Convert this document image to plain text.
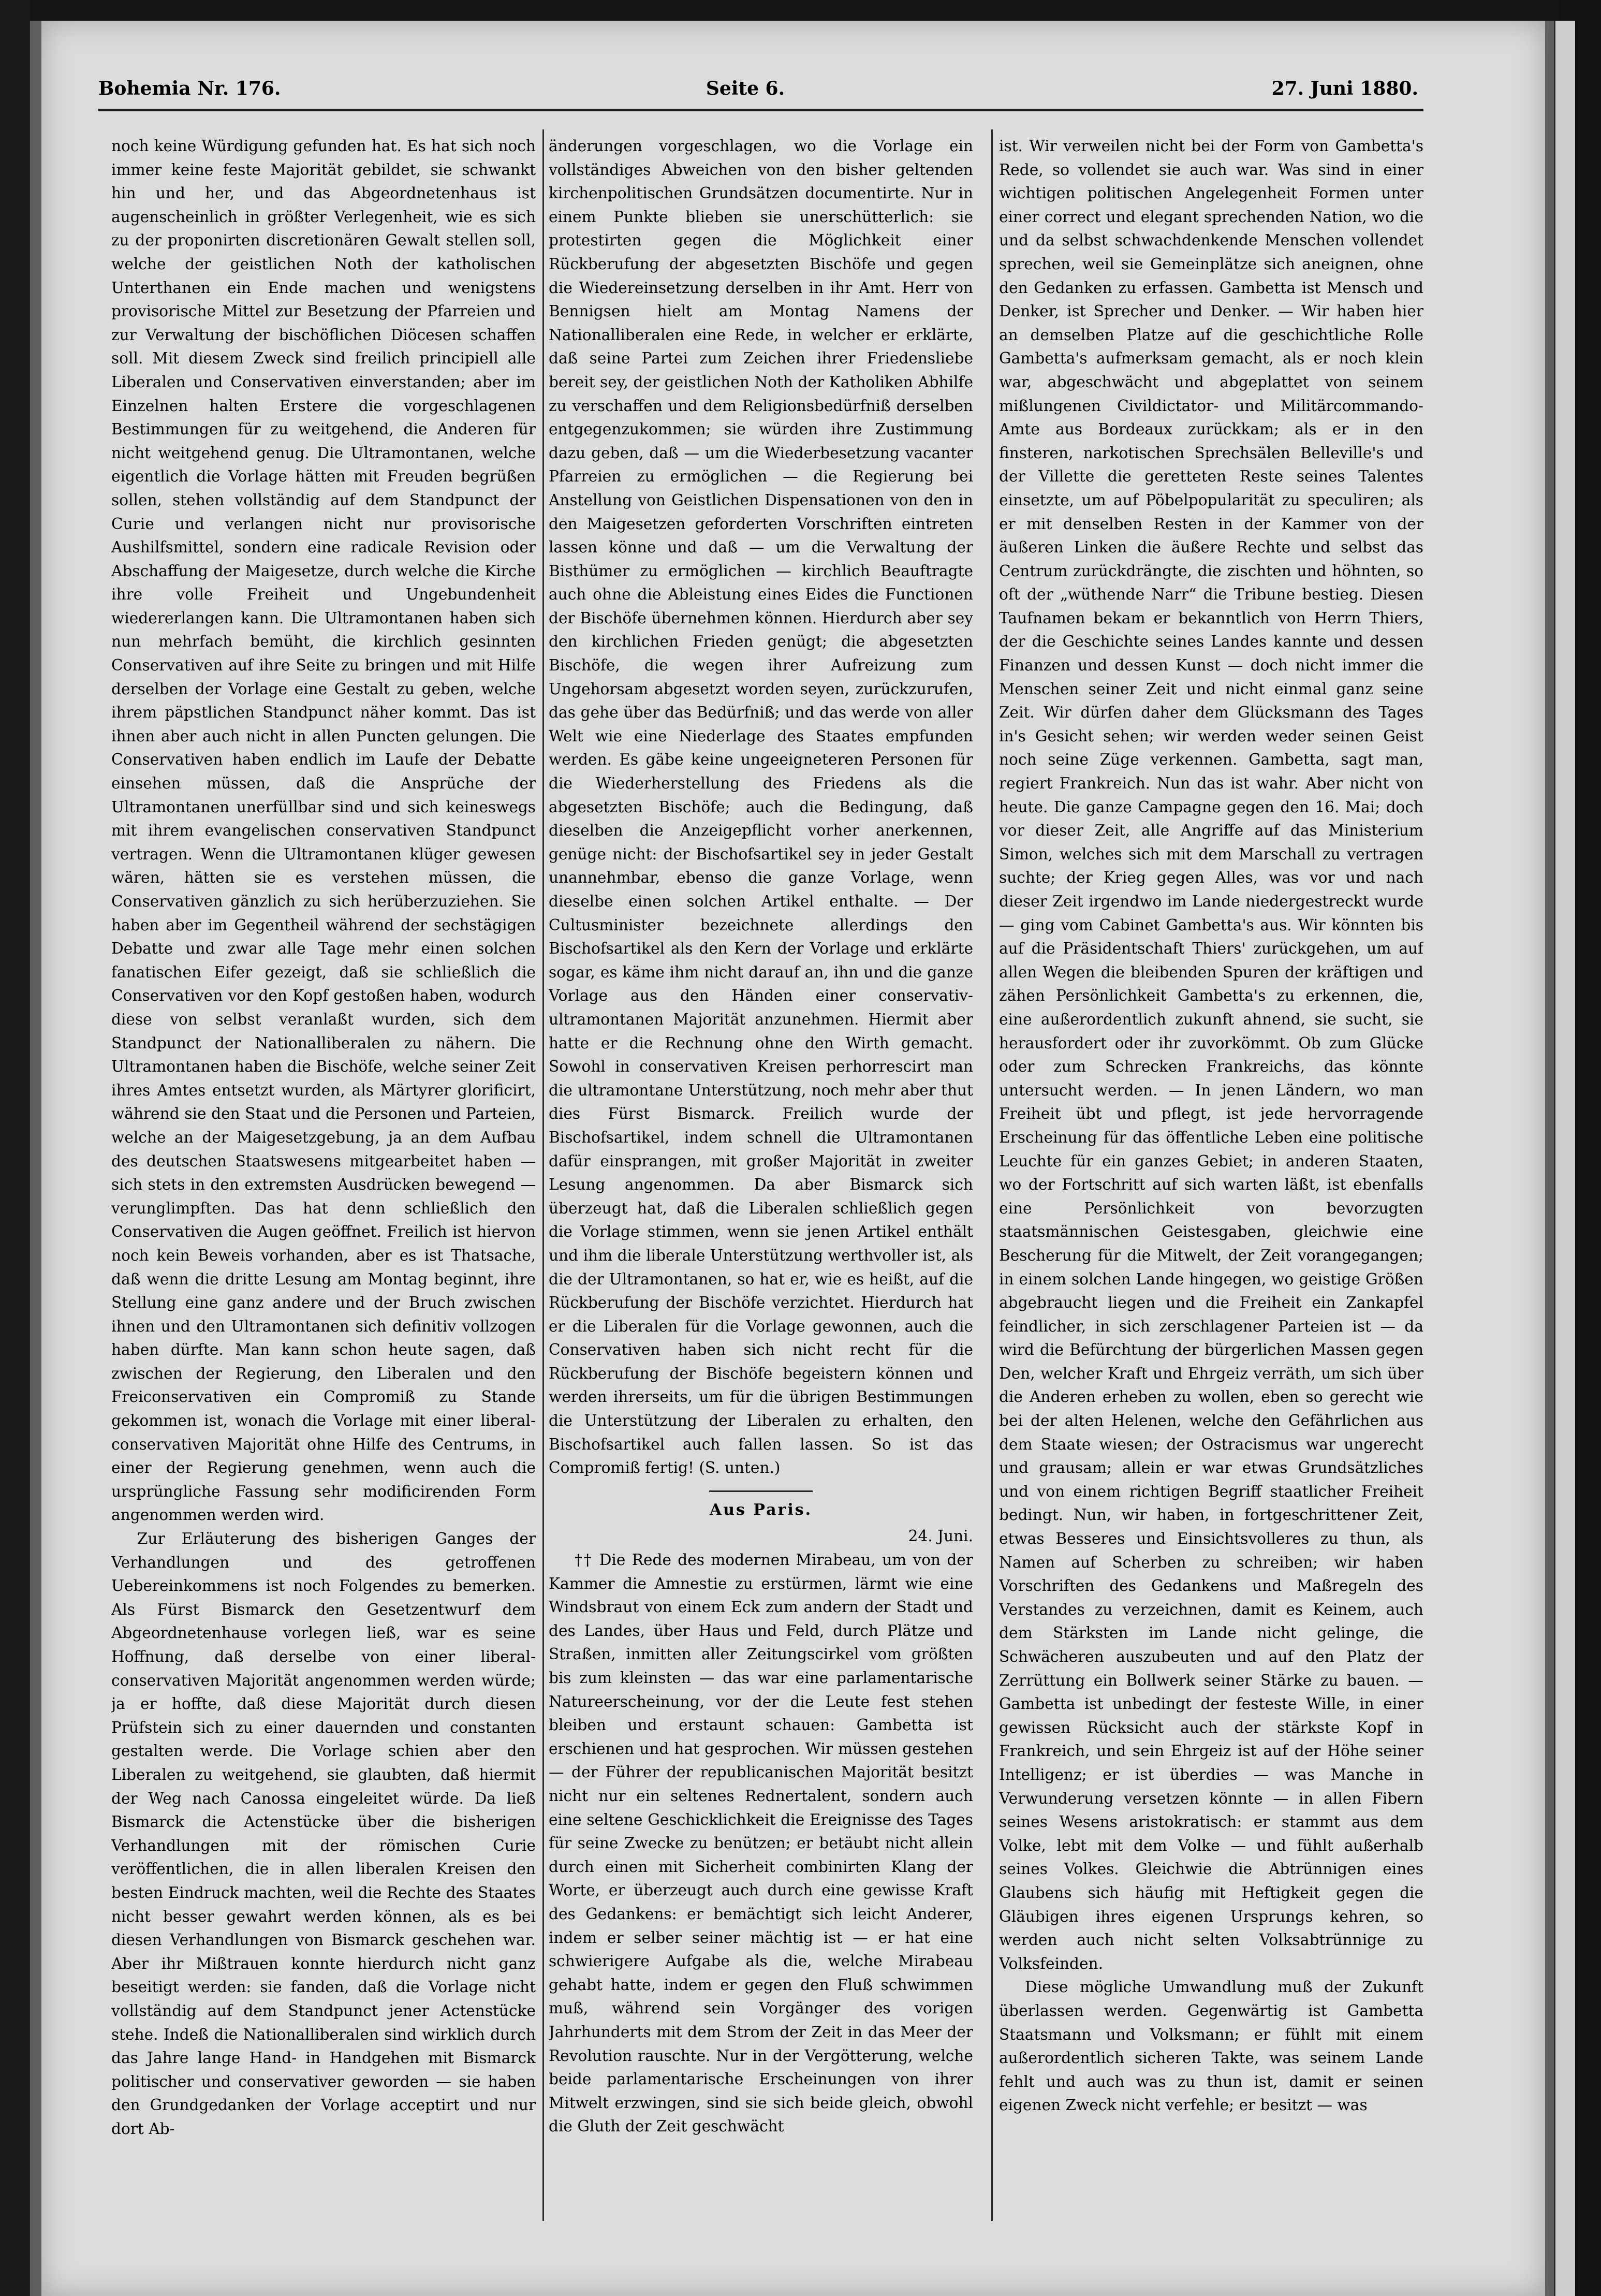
Bohemia Nr. 176.	Seite 6.	27. Juni 1880.

noch keine Würdigung gefunden hat. Es hat sich noch immer keine feste Majorität gebildet, sie schwankt hin und her, und das Abgeordnetenhaus ist augenscheinlich in größter Verlegenheit, wie es sich zu der proponirten discretionären Gewalt stellen soll, welche der geistlichen Noth der katholischen Unterthanen ein Ende machen und wenigstens provisorische Mittel zur Besetzung der Pfarreien und zur Verwaltung der bischöflichen Diöcesen schaffen soll. Mit diesem Zweck sind freilich principiell alle Liberalen und Conservativen einverstanden; aber im Einzelnen halten Erstere die vorgeschlagenen Bestimmungen für zu weitgehend, die Anderen für nicht weitgehend genug. Die Ultramontanen, welche eigentlich die Vorlage hätten mit Freuden begrüßen sollen, stehen vollständig auf dem Standpunct der Curie und verlangen nicht nur provisorische Aushilfsmittel, sondern eine radicale Revision oder Abschaffung der Maigesetze, durch welche die Kirche ihre volle Freiheit und Ungebundenheit wiedererlangen kann. Die Ultramontanen haben sich nun mehrfach bemüht, die kirchlich gesinnten Conservativen auf ihre Seite zu bringen und mit Hilfe derselben der Vorlage eine Gestalt zu geben, welche ihrem päpstlichen Standpunct näher kommt. Das ist ihnen aber auch nicht in allen Puncten gelungen. Die Conservativen haben endlich im Laufe der Debatte einsehen müssen, daß die Ansprüche der Ultramontanen unerfüllbar sind und sich keineswegs mit ihrem evangelischen conservativen Standpunct vertragen. Wenn die Ultramontanen klüger gewesen wären, hätten sie es verstehen müssen, die Conservativen gänzlich zu sich herüberzuziehen. Sie haben aber im Gegentheil während der sechstägigen Debatte und zwar alle Tage mehr einen solchen fanatischen Eifer gezeigt, daß sie schließlich die Conservativen vor den Kopf gestoßen haben, wodurch diese von selbst veranlaßt wurden, sich dem Standpunct der Nationalliberalen zu nähern. Die Ultramontanen haben die Bischöfe, welche seiner Zeit ihres Amtes entsetzt wurden, als Märtyrer glorificirt, während sie den Staat und die Personen und Parteien, welche an der Maigesetzgebung, ja an dem Aufbau des deutschen Staatswesens mitgearbeitet haben — sich stets in den extremsten Ausdrücken bewegend — verunglimpften. Das hat denn schließlich den Conservativen die Augen geöffnet. Freilich ist hiervon noch kein Beweis vorhanden, aber es ist Thatsache, daß wenn die dritte Lesung am Montag beginnt, ihre Stellung eine ganz andere und der Bruch zwischen ihnen und den Ultramontanen sich definitiv vollzogen haben dürfte. Man kann schon heute sagen, daß zwischen der Regierung, den Liberalen und den Freiconservativen ein Compromiß zu Stande gekommen ist, wonach die Vorlage mit einer liberal-conservativen Majorität ohne Hilfe des Centrums, in einer der Regierung genehmen, wenn auch die ursprüngliche Fassung sehr modificirenden Form angenommen werden wird.

Zur Erläuterung des bisherigen Ganges der Verhandlungen und des getroffenen Uebereinkommens ist noch Folgendes zu bemerken. Als Fürst Bismarck den Gesetzentwurf dem Abgeordnetenhause vorlegen ließ, war es seine Hoffnung, daß derselbe von einer liberal-conservativen Majorität angenommen werden würde; ja er hoffte, daß diese Majorität durch diesen Prüfstein sich zu einer dauernden und constanten gestalten werde. Die Vorlage schien aber den Liberalen zu weitgehend, sie glaubten, daß hiermit der Weg nach Canossa eingeleitet würde. Da ließ Bismarck die Actenstücke über die bisherigen Verhandlungen mit der römischen Curie veröffentlichen, die in allen liberalen Kreisen den besten Eindruck machten, weil die Rechte des Staates nicht besser gewahrt werden können, als es bei diesen Verhandlungen von Bismarck geschehen war. Aber ihr Mißtrauen konnte hierdurch nicht ganz beseitigt werden: sie fanden, daß die Vorlage nicht vollständig auf dem Standpunct jener Actenstücke stehe. Indeß die Nationalliberalen sind wirklich durch das Jahre lange Hand- in Handgehen mit Bismarck politischer und conservativer geworden — sie haben den Grundgedanken der Vorlage acceptirt und nur dort Ab-

änderungen vorgeschlagen, wo die Vorlage ein vollständiges Abweichen von den bisher geltenden kirchenpolitischen Grundsätzen documentirte. Nur in einem Punkte blieben sie unerschütterlich: sie protestirten gegen die Möglichkeit einer Rückberufung der abgesetzten Bischöfe und gegen die Wiedereinsetzung derselben in ihr Amt. Herr von Bennigsen hielt am Montag Namens der Nationalliberalen eine Rede, in welcher er erklärte, daß seine Partei zum Zeichen ihrer Friedensliebe bereit sey, der geistlichen Noth der Katholiken Abhilfe zu verschaffen und dem Religionsbedürfniß derselben entgegenzukommen; sie würden ihre Zustimmung dazu geben, daß — um die Wiederbesetzung vacanter Pfarreien zu ermöglichen — die Regierung bei Anstellung von Geistlichen Dispensationen von den in den Maigesetzen geforderten Vorschriften eintreten lassen könne und daß — um die Verwaltung der Bisthümer zu ermöglichen — kirchlich Beauftragte auch ohne die Ableistung eines Eides die Functionen der Bischöfe übernehmen können. Hierdurch aber sey den kirchlichen Frieden genügt; die abgesetzten Bischöfe, die wegen ihrer Aufreizung zum Ungehorsam abgesetzt worden seyen, zurückzurufen, das gehe über das Bedürfniß; und das werde von aller Welt wie eine Niederlage des Staates empfunden werden. Es gäbe keine ungeeigneteren Personen für die Wiederherstellung des Friedens als die abgesetzten Bischöfe; auch die Bedingung, daß dieselben die Anzeigepflicht vorher anerkennen, genüge nicht: der Bischofsartikel sey in jeder Gestalt unannehmbar, ebenso die ganze Vorlage, wenn dieselbe einen solchen Artikel enthalte. — Der Cultusminister bezeichnete allerdings den Bischofsartikel als den Kern der Vorlage und erklärte sogar, es käme ihm nicht darauf an, ihn und die ganze Vorlage aus den Händen einer conservativ-ultramontanen Majorität anzunehmen. Hiermit aber hatte er die Rechnung ohne den Wirth gemacht. Sowohl in conservativen Kreisen perhorrescirt man die ultramontane Unterstützung, noch mehr aber thut dies Fürst Bismarck. Freilich wurde der Bischofsartikel, indem schnell die Ultramontanen dafür einsprangen, mit großer Majorität in zweiter Lesung angenommen. Da aber Bismarck sich überzeugt hat, daß die Liberalen schließlich gegen die Vorlage stimmen, wenn sie jenen Artikel enthält und ihm die liberale Unterstützung werthvoller ist, als die der Ultramontanen, so hat er, wie es heißt, auf die Rückberufung der Bischöfe verzichtet. Hierdurch hat er die Liberalen für die Vorlage gewonnen, auch die Conservativen haben sich nicht recht für die Rückberufung der Bischöfe begeistern können und werden ihrerseits, um für die übrigen Bestimmungen die Unterstützung der Liberalen zu erhalten, den Bischofsartikel auch fallen lassen. So ist das Compromiß fertig! (S. unten.)

Aus Paris.

24. Juni.

†† Die Rede des modernen Mirabeau, um von der Kammer die Amnestie zu erstürmen, lärmt wie eine Windsbraut von einem Eck zum andern der Stadt und des Landes, über Haus und Feld, durch Plätze und Straßen, inmitten aller Zeitungscirkel vom größten bis zum kleinsten — das war eine parlamentarische Natureerscheinung, vor der die Leute fest stehen bleiben und erstaunt schauen: Gambetta ist erschienen und hat gesprochen. Wir müssen gestehen — der Führer der republicanischen Majorität besitzt nicht nur ein seltenes Rednertalent, sondern auch eine seltene Geschicklichkeit die Ereignisse des Tages für seine Zwecke zu benützen; er betäubt nicht allein durch einen mit Sicherheit combinirten Klang der Worte, er überzeugt auch durch eine gewisse Kraft des Gedankens: er bemächtigt sich leicht Anderer, indem er selber seiner mächtig ist — er hat eine schwierigere Aufgabe als die, welche Mirabeau gehabt hatte, indem er gegen den Fluß schwimmen muß, während sein Vorgänger des vorigen Jahrhunderts mit dem Strom der Zeit in das Meer der Revolution rauschte. Nur in der Vergötterung, welche beide parlamentarische Erscheinungen von ihrer Mitwelt erzwingen, sind sie sich beide gleich, obwohl die Gluth der Zeit geschwächt

ist. Wir verweilen nicht bei der Form von Gambetta's Rede, so vollendet sie auch war. Was sind in einer wichtigen politischen Angelegenheit Formen unter einer correct und elegant sprechenden Nation, wo die und da selbst schwachdenkende Menschen vollendet sprechen, weil sie Gemeinplätze sich aneignen, ohne den Gedanken zu erfassen. Gambetta ist Mensch und Denker, ist Sprecher und Denker. — Wir haben hier an demselben Platze auf die geschichtliche Rolle Gambetta's aufmerksam gemacht, als er noch klein war, abgeschwächt und abgeplattet von seinem mißlungenen Civildictator- und Militärcommando-Amte aus Bordeaux zurückkam; als er in den finsteren, narkotischen Sprechsälen Belleville's und der Villette die geretteten Reste seines Talentes einsetzte, um auf Pöbelpopularität zu speculiren; als er mit denselben Resten in der Kammer von der äußeren Linken die äußere Rechte und selbst das Centrum zurückdrängte, die zischten und höhnten, so oft der „wüthende Narr“ die Tribune bestieg. Diesen Taufnamen bekam er bekanntlich von Herrn Thiers, der die Geschichte seines Landes kannte und dessen Finanzen und dessen Kunst — doch nicht immer die Menschen seiner Zeit und nicht einmal ganz seine Zeit. Wir dürfen daher dem Glücksmann des Tages in's Gesicht sehen; wir werden weder seinen Geist noch seine Züge verkennen. Gambetta, sagt man, regiert Frankreich. Nun das ist wahr. Aber nicht von heute. Die ganze Campagne gegen den 16. Mai; doch vor dieser Zeit, alle Angriffe auf das Ministerium Simon, welches sich mit dem Marschall zu vertragen suchte; der Krieg gegen Alles, was vor und nach dieser Zeit irgendwo im Lande niedergestreckt wurde — ging vom Cabinet Gambetta's aus. Wir könnten bis auf die Präsidentschaft Thiers' zurückgehen, um auf allen Wegen die bleibenden Spuren der kräftigen und zähen Persönlichkeit Gambetta's zu erkennen, die, eine außerordentlich zukunft ahnend, sie sucht, sie herausfordert oder ihr zuvorkömmt. Ob zum Glücke oder zum Schrecken Frankreichs, das könnte untersucht werden. — In jenen Ländern, wo man Freiheit übt und pflegt, ist jede hervorragende Erscheinung für das öffentliche Leben eine politische Leuchte für ein ganzes Gebiet; in anderen Staaten, wo der Fortschritt auf sich warten läßt, ist ebenfalls eine Persönlichkeit von bevorzugten staatsmännischen Geistesgaben, gleichwie eine Bescherung für die Mitwelt, der Zeit vorangegangen; in einem solchen Lande hingegen, wo geistige Größen abgebraucht liegen und die Freiheit ein Zankapfel feindlicher, in sich zerschlagener Parteien ist — da wird die Befürchtung der bürgerlichen Massen gegen Den, welcher Kraft und Ehrgeiz verräth, um sich über die Anderen erheben zu wollen, eben so gerecht wie bei der alten Helenen, welche den Gefährlichen aus dem Staate wiesen; der Ostracismus war ungerecht und grausam; allein er war etwas Grundsätzliches und von einem richtigen Begriff staatlicher Freiheit bedingt. Nun, wir haben, in fortgeschrittener Zeit, etwas Besseres und Einsichtsvolleres zu thun, als Namen auf Scherben zu schreiben; wir haben Vorschriften des Gedankens und Maßregeln des Verstandes zu verzeichnen, damit es Keinem, auch dem Stärksten im Lande nicht gelinge, die Schwächeren auszubeuten und auf den Platz der Zerrüttung ein Bollwerk seiner Stärke zu bauen. — Gambetta ist unbedingt der festeste Wille, in einer gewissen Rücksicht auch der stärkste Kopf in Frankreich, und sein Ehrgeiz ist auf der Höhe seiner Intelligenz; er ist überdies — was Manche in Verwunderung versetzen könnte — in allen Fibern seines Wesens aristokratisch: er stammt aus dem Volke, lebt mit dem Volke — und fühlt außerhalb seines Volkes. Gleichwie die Abtrünnigen eines Glaubens sich häufig mit Heftigkeit gegen die Gläubigen ihres eigenen Ursprungs kehren, so werden auch nicht selten Volksabtrünnige zu Volksfeinden.

Diese mögliche Umwandlung muß der Zukunft überlassen werden. Gegenwärtig ist Gambetta Staatsmann und Volksmann; er fühlt mit einem außerordentlich sicheren Takte, was seinem Lande fehlt und auch was zu thun ist, damit er seinen eigenen Zweck nicht verfehle; er besitzt — was
